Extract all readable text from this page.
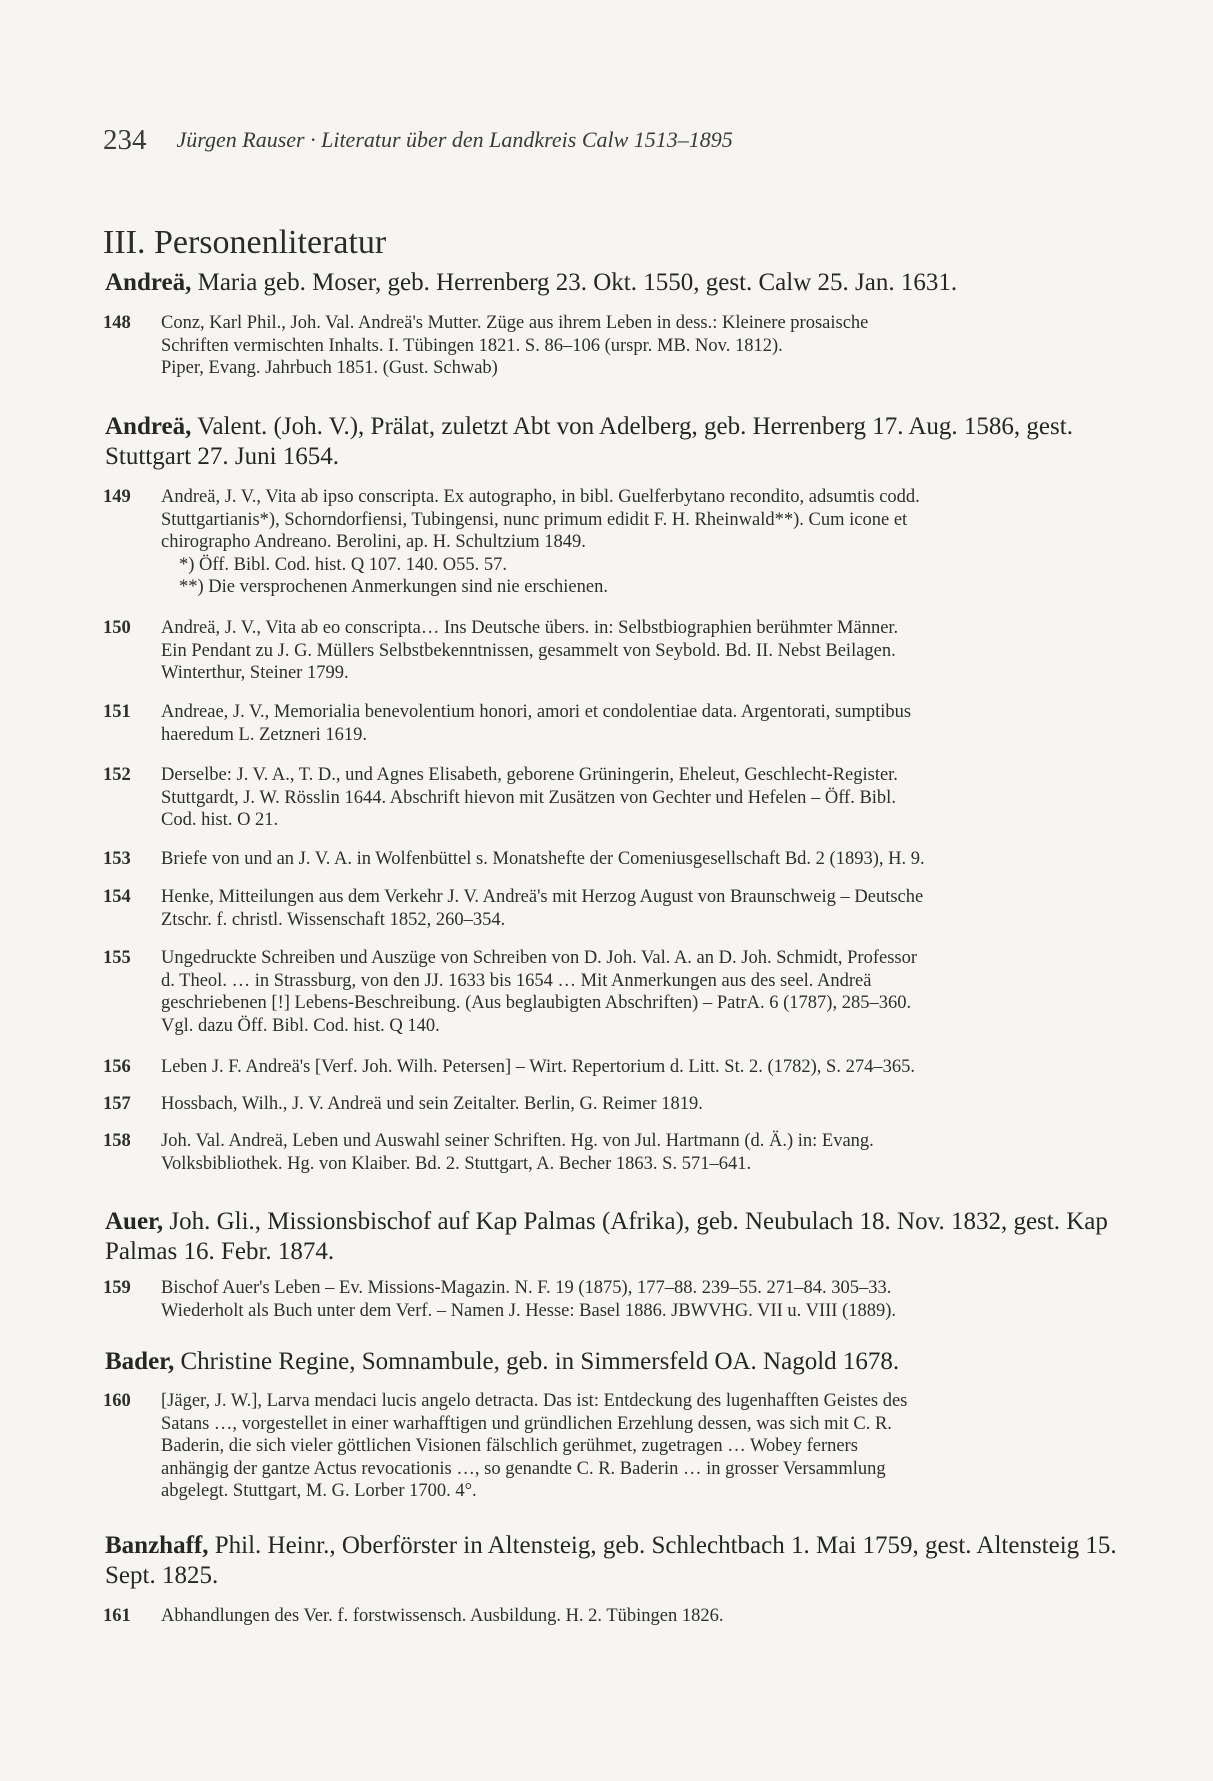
234 Jürgen Rauser · Literatur über den Landkreis Calw 1513–1895
III. Personenliteratur
Andreä, Maria geb. Moser, geb. Herrenberg 23. Okt. 1550, gest. Calw 25. Jan. 1631.
148	Conz, Karl Phil., Joh. Val. Andreä's Mutter. Züge aus ihrem Leben in dess.: Kleinere prosaische
Schriften vermischten Inhalts. I. Tübingen 1821. S. 86–106 (urspr. MB. Nov. 1812).
Piper, Evang. Jahrbuch 1851. (Gust. Schwab)
Andreä, Valent. (Joh. V.), Prälat, zuletzt Abt von Adelberg, geb. Herrenberg 17. Aug. 1586, gest. Stuttgart 27. Juni 1654.
149	Andreä, J. V., Vita ab ipso conscripta. Ex autographo, in bibl. Guelferbytano recondito, adsumtis codd.
Stuttgartianis*), Schorndorfiensi, Tubingensi, nunc primum edidit F. H. Rheinwald**). Cum icone et
chirographo Andreano. Berolini, ap. H. Schultzium 1849.
*) Öff. Bibl. Cod. hist. Q 107. 140. O55. 57.
**) Die versprochenen Anmerkungen sind nie erschienen.
150	Andreä, J. V., Vita ab eo conscripta… Ins Deutsche übers. in: Selbstbiographien berühmter Männer.
Ein Pendant zu J. G. Müllers Selbstbekenntnissen, gesammelt von Seybold. Bd. II. Nebst Beilagen.
Winterthur, Steiner 1799.
151	Andreae, J. V., Memorialia benevolentium honori, amori et condolentiae data. Argentorati, sumptibus
haeredum L. Zetzneri 1619.
152	Derselbe: J. V. A., T. D., und Agnes Elisabeth, geborene Grüningerin, Eheleut, Geschlecht-Register.
Stuttgardt, J. W. Rösslin 1644. Abschrift hievon mit Zusätzen von Gechter und Hefelen – Öff. Bibl.
Cod. hist. O 21.
153	Briefe von und an J. V. A. in Wolfenbüttel s. Monatshefte der Comeniusgesellschaft Bd. 2 (1893), H. 9.
154	Henke, Mitteilungen aus dem Verkehr J. V. Andreä's mit Herzog August von Braunschweig – Deutsche
Ztschr. f. christl. Wissenschaft 1852, 260–354.
155	Ungedruckte Schreiben und Auszüge von Schreiben von D. Joh. Val. A. an D. Joh. Schmidt, Professor
d. Theol. … in Strassburg, von den JJ. 1633 bis 1654 … Mit Anmerkungen aus des seel. Andreä
geschriebenen [!] Lebens-Beschreibung. (Aus beglaubigten Abschriften) – PatrA. 6 (1787), 285–360.
Vgl. dazu Öff. Bibl. Cod. hist. Q 140.
156	Leben J. F. Andreä's [Verf. Joh. Wilh. Petersen] – Wirt. Repertorium d. Litt. St. 2. (1782), S. 274–365.
157	Hossbach, Wilh., J. V. Andreä und sein Zeitalter. Berlin, G. Reimer 1819.
158	Joh. Val. Andreä, Leben und Auswahl seiner Schriften. Hg. von Jul. Hartmann (d. Ä.) in: Evang.
Volksbibliothek. Hg. von Klaiber. Bd. 2. Stuttgart, A. Becher 1863. S. 571–641.
Auer, Joh. Gli., Missionsbischof auf Kap Palmas (Afrika), geb. Neubulach 18. Nov. 1832, gest. Kap Palmas 16. Febr. 1874.
159	Bischof Auer's Leben – Ev. Missions-Magazin. N. F. 19 (1875), 177–88. 239–55. 271–84. 305–33.
Wiederholt als Buch unter dem Verf. – Namen J. Hesse: Basel 1886. JBWVHG. VII u. VIII (1889).
Bader, Christine Regine, Somnambule, geb. in Simmersfeld OA. Nagold 1678.
160	[Jäger, J. W.], Larva mendaci lucis angelo detracta. Das ist: Entdeckung des lugenhafften Geistes des
Satans …, vorgestellet in einer warhafftigen und gründlichen Erzehlung dessen, was sich mit C. R.
Baderin, die sich vieler göttlichen Visionen fälschlich gerühmet, zugetragen … Wobey ferners
anhängig der gantze Actus revocationis …, so genandte C. R. Baderin … in grosser Versammlung
abgelegt. Stuttgart, M. G. Lorber 1700. 4°.
Banzhaff, Phil. Heinr., Oberförster in Altensteig, geb. Schlechtbach 1. Mai 1759, gest. Altensteig 15. Sept. 1825.
161	Abhandlungen des Ver. f. forstwissensch. Ausbildung. H. 2. Tübingen 1826.
